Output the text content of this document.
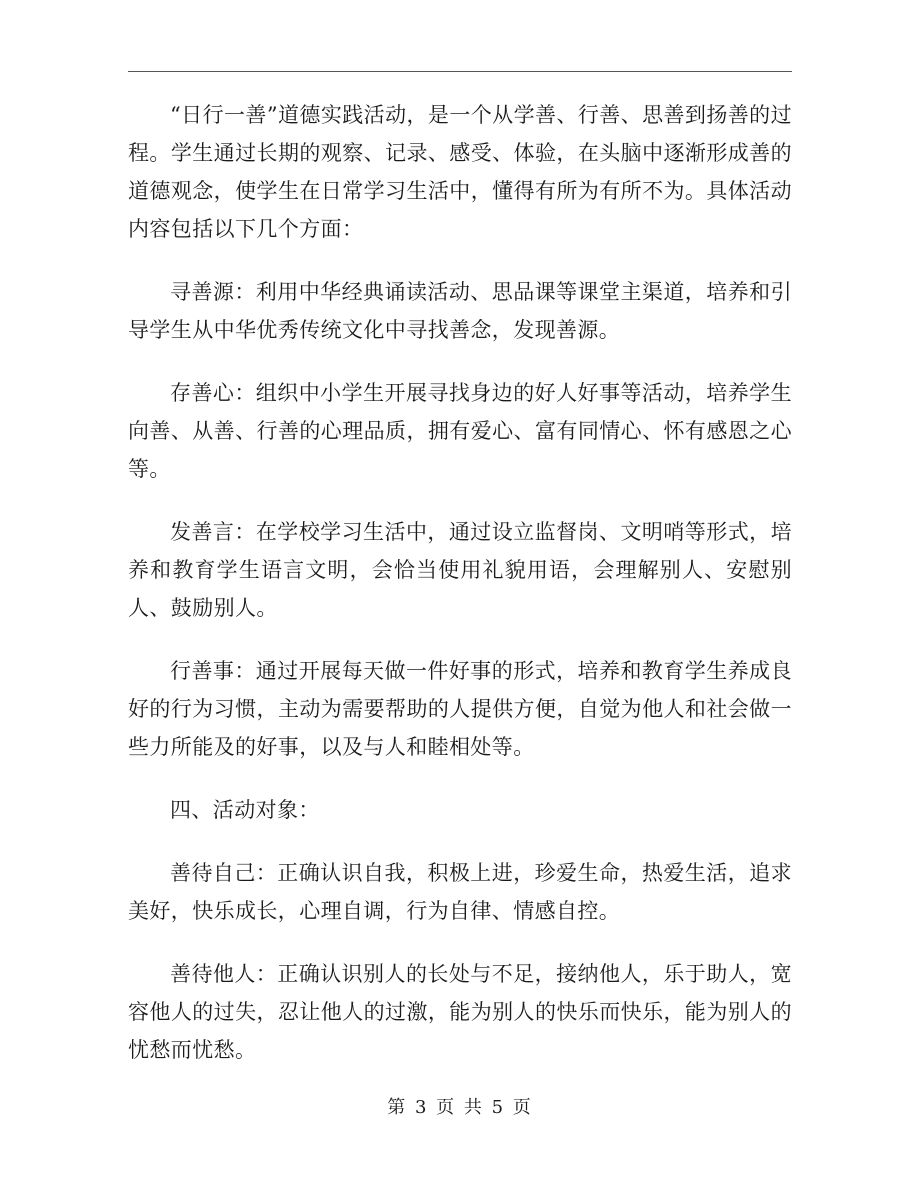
“日行一善”道德实践活动，是一个从学善、行善、思善到扬善的过程。学生通过长期的观察、记录、感受、体验，在头脑中逐渐形成善的道德观念，使学生在日常学习生活中，懂得有所为有所不为。具体活动内容包括以下几个方面：

寻善源：利用中华经典诵读活动、思品课等课堂主渠道，培养和引导学生从中华优秀传统文化中寻找善念，发现善源。

存善心：组织中小学生开展寻找身边的好人好事等活动，培养学生向善、从善、行善的心理品质，拥有爱心、富有同情心、怀有感恩之心等。

发善言：在学校学习生活中，通过设立监督岗、文明哨等形式，培养和教育学生语言文明，会恰当使用礼貌用语，会理解别人、安慰别人、鼓励别人。

行善事：通过开展每天做一件好事的形式，培养和教育学生养成良好的行为习惯，主动为需要帮助的人提供方便，自觉为他人和社会做一些力所能及的好事，以及与人和睦相处等。

四、活动对象：

善待自己：正确认识自我，积极上进，珍爱生命，热爱生活，追求美好，快乐成长，心理自调，行为自律、情感自控。

善待他人：正确认识别人的长处与不足，接纳他人，乐于助人，宽容他人的过失，忍让他人的过激，能为别人的快乐而快乐，能为别人的忧愁而忧愁。

第 3 页 共 5 页
